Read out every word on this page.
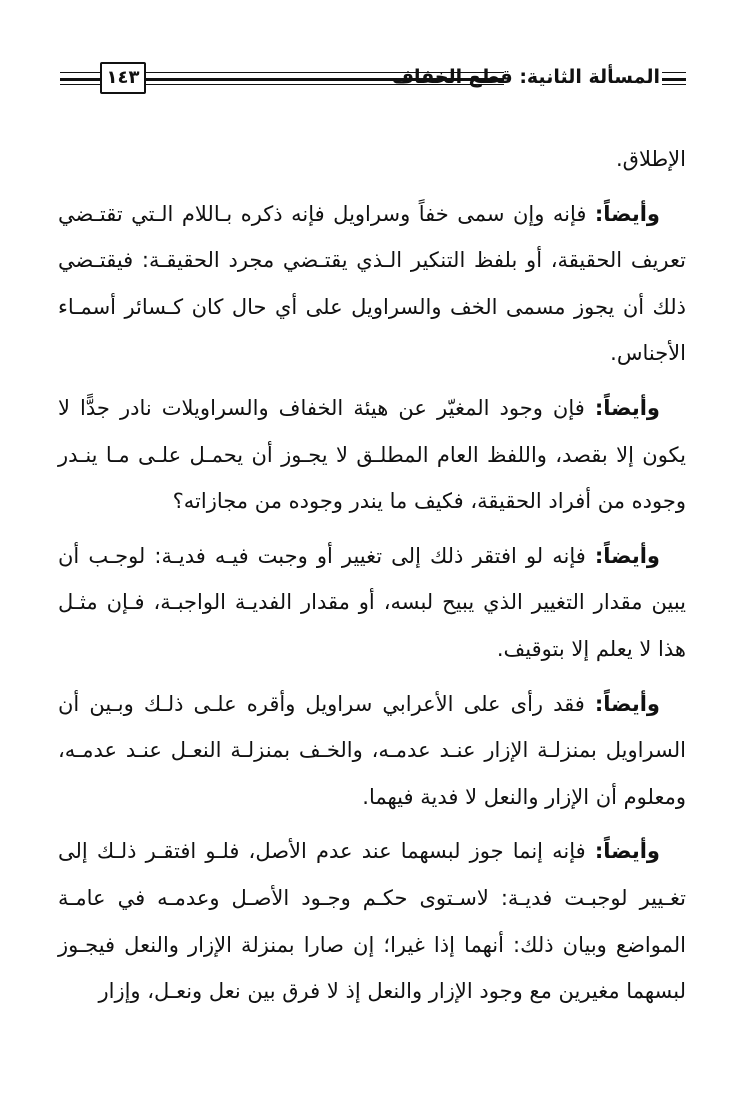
١٤٣	المسألة الثانية: قطع الخفاف

الإطلاق.

وأيضاً: فإنه وإن سمى خفاً وسراويل فإنه ذكره بـاللام الـتي تقتـضي تعريف الحقيقة، أو بلفظ التنكير الـذي يقتـضي مجرد الحقيقـة: فيقتـضي ذلك أن يجوز مسمى الخف والسراويل على أي حال كان كـسائر أسمـاء الأجناس.

وأيضاً: فإن وجود المغيّر عن هيئة الخفاف والسراويلات نادر جدًّا لا يكون إلا بقصد، واللفظ العام المطلـق لا يجـوز أن يحمـل علـى مـا ينـدر وجوده من أفراد الحقيقة، فكيف ما يندر وجوده من مجازاته؟

وأيضاً: فإنه لو افتقر ذلك إلى تغيير أو وجبت فيـه فديـة: لوجـب أن يبين مقدار التغيير الذي يبيح لبسه، أو مقدار الفديـة الواجبـة، فـإن مثـل هذا لا يعلم إلا بتوقيف.

وأيضاً: فقد رأى على الأعرابي سراويل وأقره علـى ذلـك وبـين أن السراويل بمنزلـة الإزار عنـد عدمـه، والخـف بمنزلـة النعـل عنـد عدمـه، ومعلوم أن الإزار والنعل لا فدية فيهما.

وأيضاً: فإنه إنما جوز لبسهما عند عدم الأصل، فلـو افتقـر ذلـك إلى تغـيير لوجبـت فديـة: لاسـتوى حكـم وجـود الأصـل وعدمـه في عامـة المواضع وبيان ذلك: أنهما إذا غيرا؛ إن صارا بمنزلة الإزار والنعل فيجـوز لبسهما مغيرين مع وجود الإزار والنعل إذ لا فرق بين نعل ونعـل، وإزار
